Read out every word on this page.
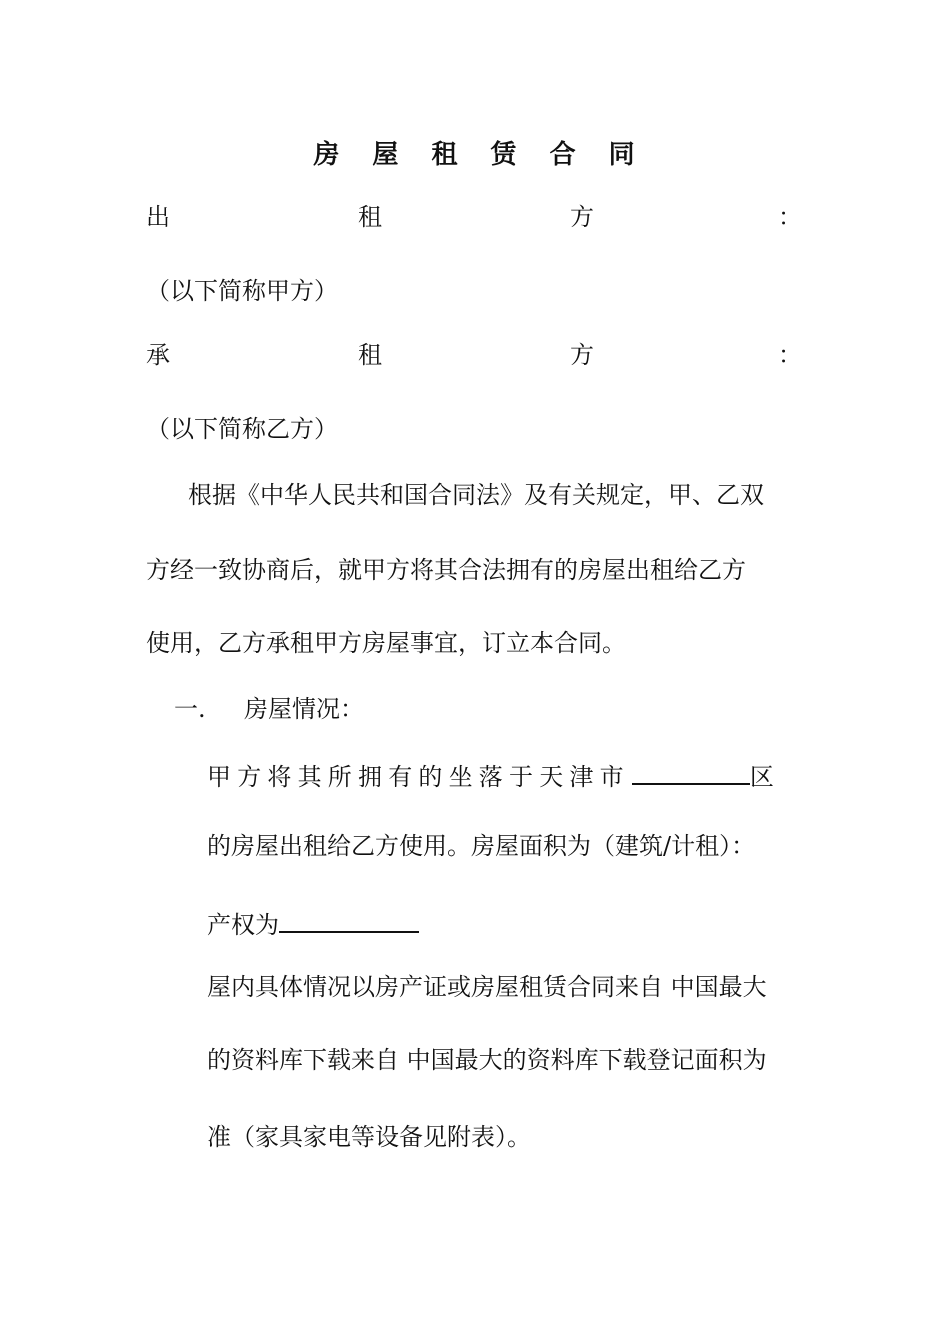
房 屋 租 赁 合 同
出	租	方	：
（以下简称甲方）
承	租	方	：
（以下简称乙方）
根据《中华人民共和国合同法》及有关规定，甲、乙双
方经一致协商后，就甲方将其合法拥有的房屋出租给乙方
使用，乙方承租甲方房屋事宜，订立本合同。
一. 房屋情况：
甲方将其所拥有的坐落于天津市	区
的房屋出租给乙方使用。房屋面积为（建筑/计租）：
产权为
屋内具体情况以房产证或房屋租赁合同来自 中国最大
的资料库下载来自 中国最大的资料库下载登记面积为
准（家具家电等设备见附表）。
